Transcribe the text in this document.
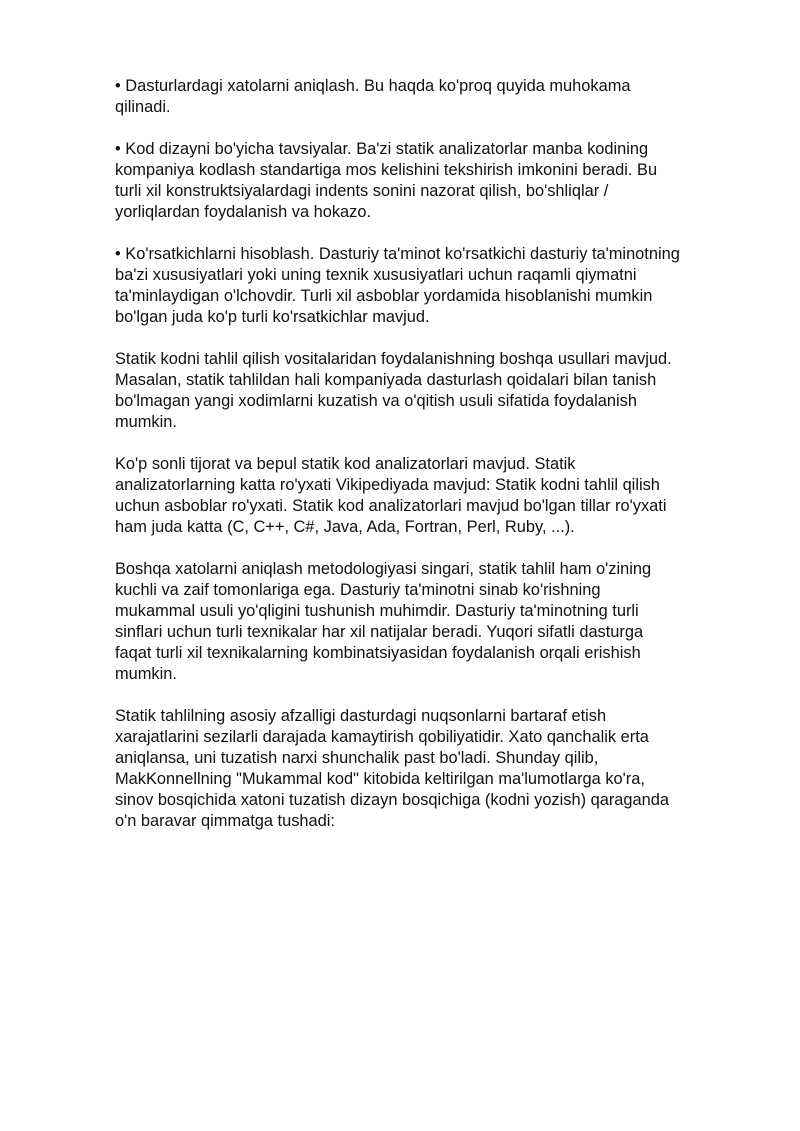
• Dasturlardagi xatolarni aniqlash. Bu haqda ko'proq quyida muhokama
qilinadi.

• Kod dizayni bo'yicha tavsiyalar. Ba'zi statik analizatorlar manba kodining
kompaniya kodlash standartiga mos kelishini tekshirish imkonini beradi. Bu
turli xil konstruktsiyalardagi indents sonini nazorat qilish, bo'shliqlar /
yorliqlardan foydalanish va hokazo.

• Ko'rsatkichlarni hisoblash. Dasturiy ta'minot ko'rsatkichi dasturiy ta'minotning
ba'zi xususiyatlari yoki uning texnik xususiyatlari uchun raqamli qiymatni
ta'minlaydigan o'lchovdir. Turli xil asboblar yordamida hisoblanishi mumkin
bo'lgan juda ko'p turli ko'rsatkichlar mavjud.

Statik kodni tahlil qilish vositalaridan foydalanishning boshqa usullari mavjud.
Masalan, statik tahlildan hali kompaniyada dasturlash qoidalari bilan tanish
bo'lmagan yangi xodimlarni kuzatish va o'qitish usuli sifatida foydalanish
mumkin.

Ko'p sonli tijorat va bepul statik kod analizatorlari mavjud. Statik
analizatorlarning katta ro'yxati Vikipediyada mavjud: Statik kodni tahlil qilish
uchun asboblar ro'yxati. Statik kod analizatorlari mavjud bo'lgan tillar ro'yxati
ham juda katta (C, C++, C#, Java, Ada, Fortran, Perl, Ruby, ...).

Boshqa xatolarni aniqlash metodologiyasi singari, statik tahlil ham o'zining
kuchli va zaif tomonlariga ega. Dasturiy ta'minotni sinab ko'rishning
mukammal usuli yo'qligini tushunish muhimdir. Dasturiy ta'minotning turli
sinflari uchun turli texnikalar har xil natijalar beradi. Yuqori sifatli dasturga
faqat turli xil texnikalarning kombinatsiyasidan foydalanish orqali erishish
mumkin.

Statik tahlilning asosiy afzalligi dasturdagi nuqsonlarni bartaraf etish
xarajatlarini sezilarli darajada kamaytirish qobiliyatidir. Xato qanchalik erta
aniqlansa, uni tuzatish narxi shunchalik past bo'ladi. Shunday qilib,
MakKonnellning "Mukammal kod" kitobida keltirilgan ma'lumotlarga ko'ra,
sinov bosqichida xatoni tuzatish dizayn bosqichiga (kodni yozish) qaraganda
o'n baravar qimmatga tushadi:
